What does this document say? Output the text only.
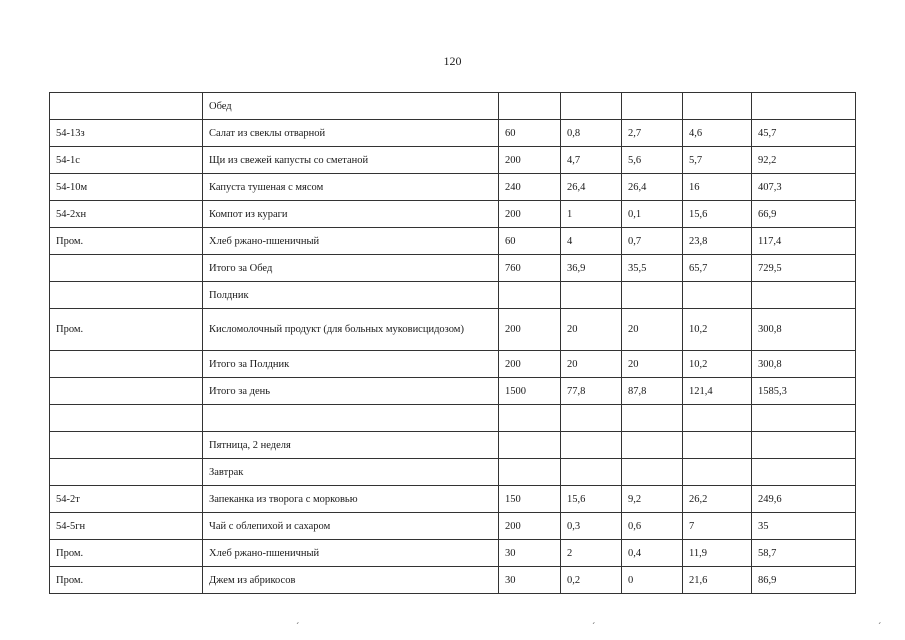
120
	Обед					
54-13з	Салат из свеклы отварной	60	0,8	2,7	4,6	45,7
54-1с	Щи из свежей капусты со сметаной	200	4,7	5,6	5,7	92,2
54-10м	Капуста тушеная с мясом	240	26,4	26,4	16	407,3
54-2хн	Компот из кураги	200	1	0,1	15,6	66,9
Пром.	Хлеб ржано-пшеничный	60	4	0,7	23,8	117,4
	Итого за Обед	760	36,9	35,5	65,7	729,5
	Полдник					
Пром.	Кисломолочный продукт (для больных муковисцидозом)	200	20	20	10,2	300,8
	Итого за Полдник	200	20	20	10,2	300,8
	Итого за день	1500	77,8	87,8	121,4	1585,3

	Пятница, 2 неделя					
	Завтрак					
54-2т	Запеканка из творога с морковью	150	15,6	9,2	26,2	249,6
54-5гн	Чай с облепихой и сахаром	200	0,3	0,6	7	35
Пром.	Хлеб ржано-пшеничный	30	2	0,4	11,9	58,7
Пром.	Джем из абрикосов	30	0,2	0	21,6	86,9
ˊ	ˊ	ˊ
